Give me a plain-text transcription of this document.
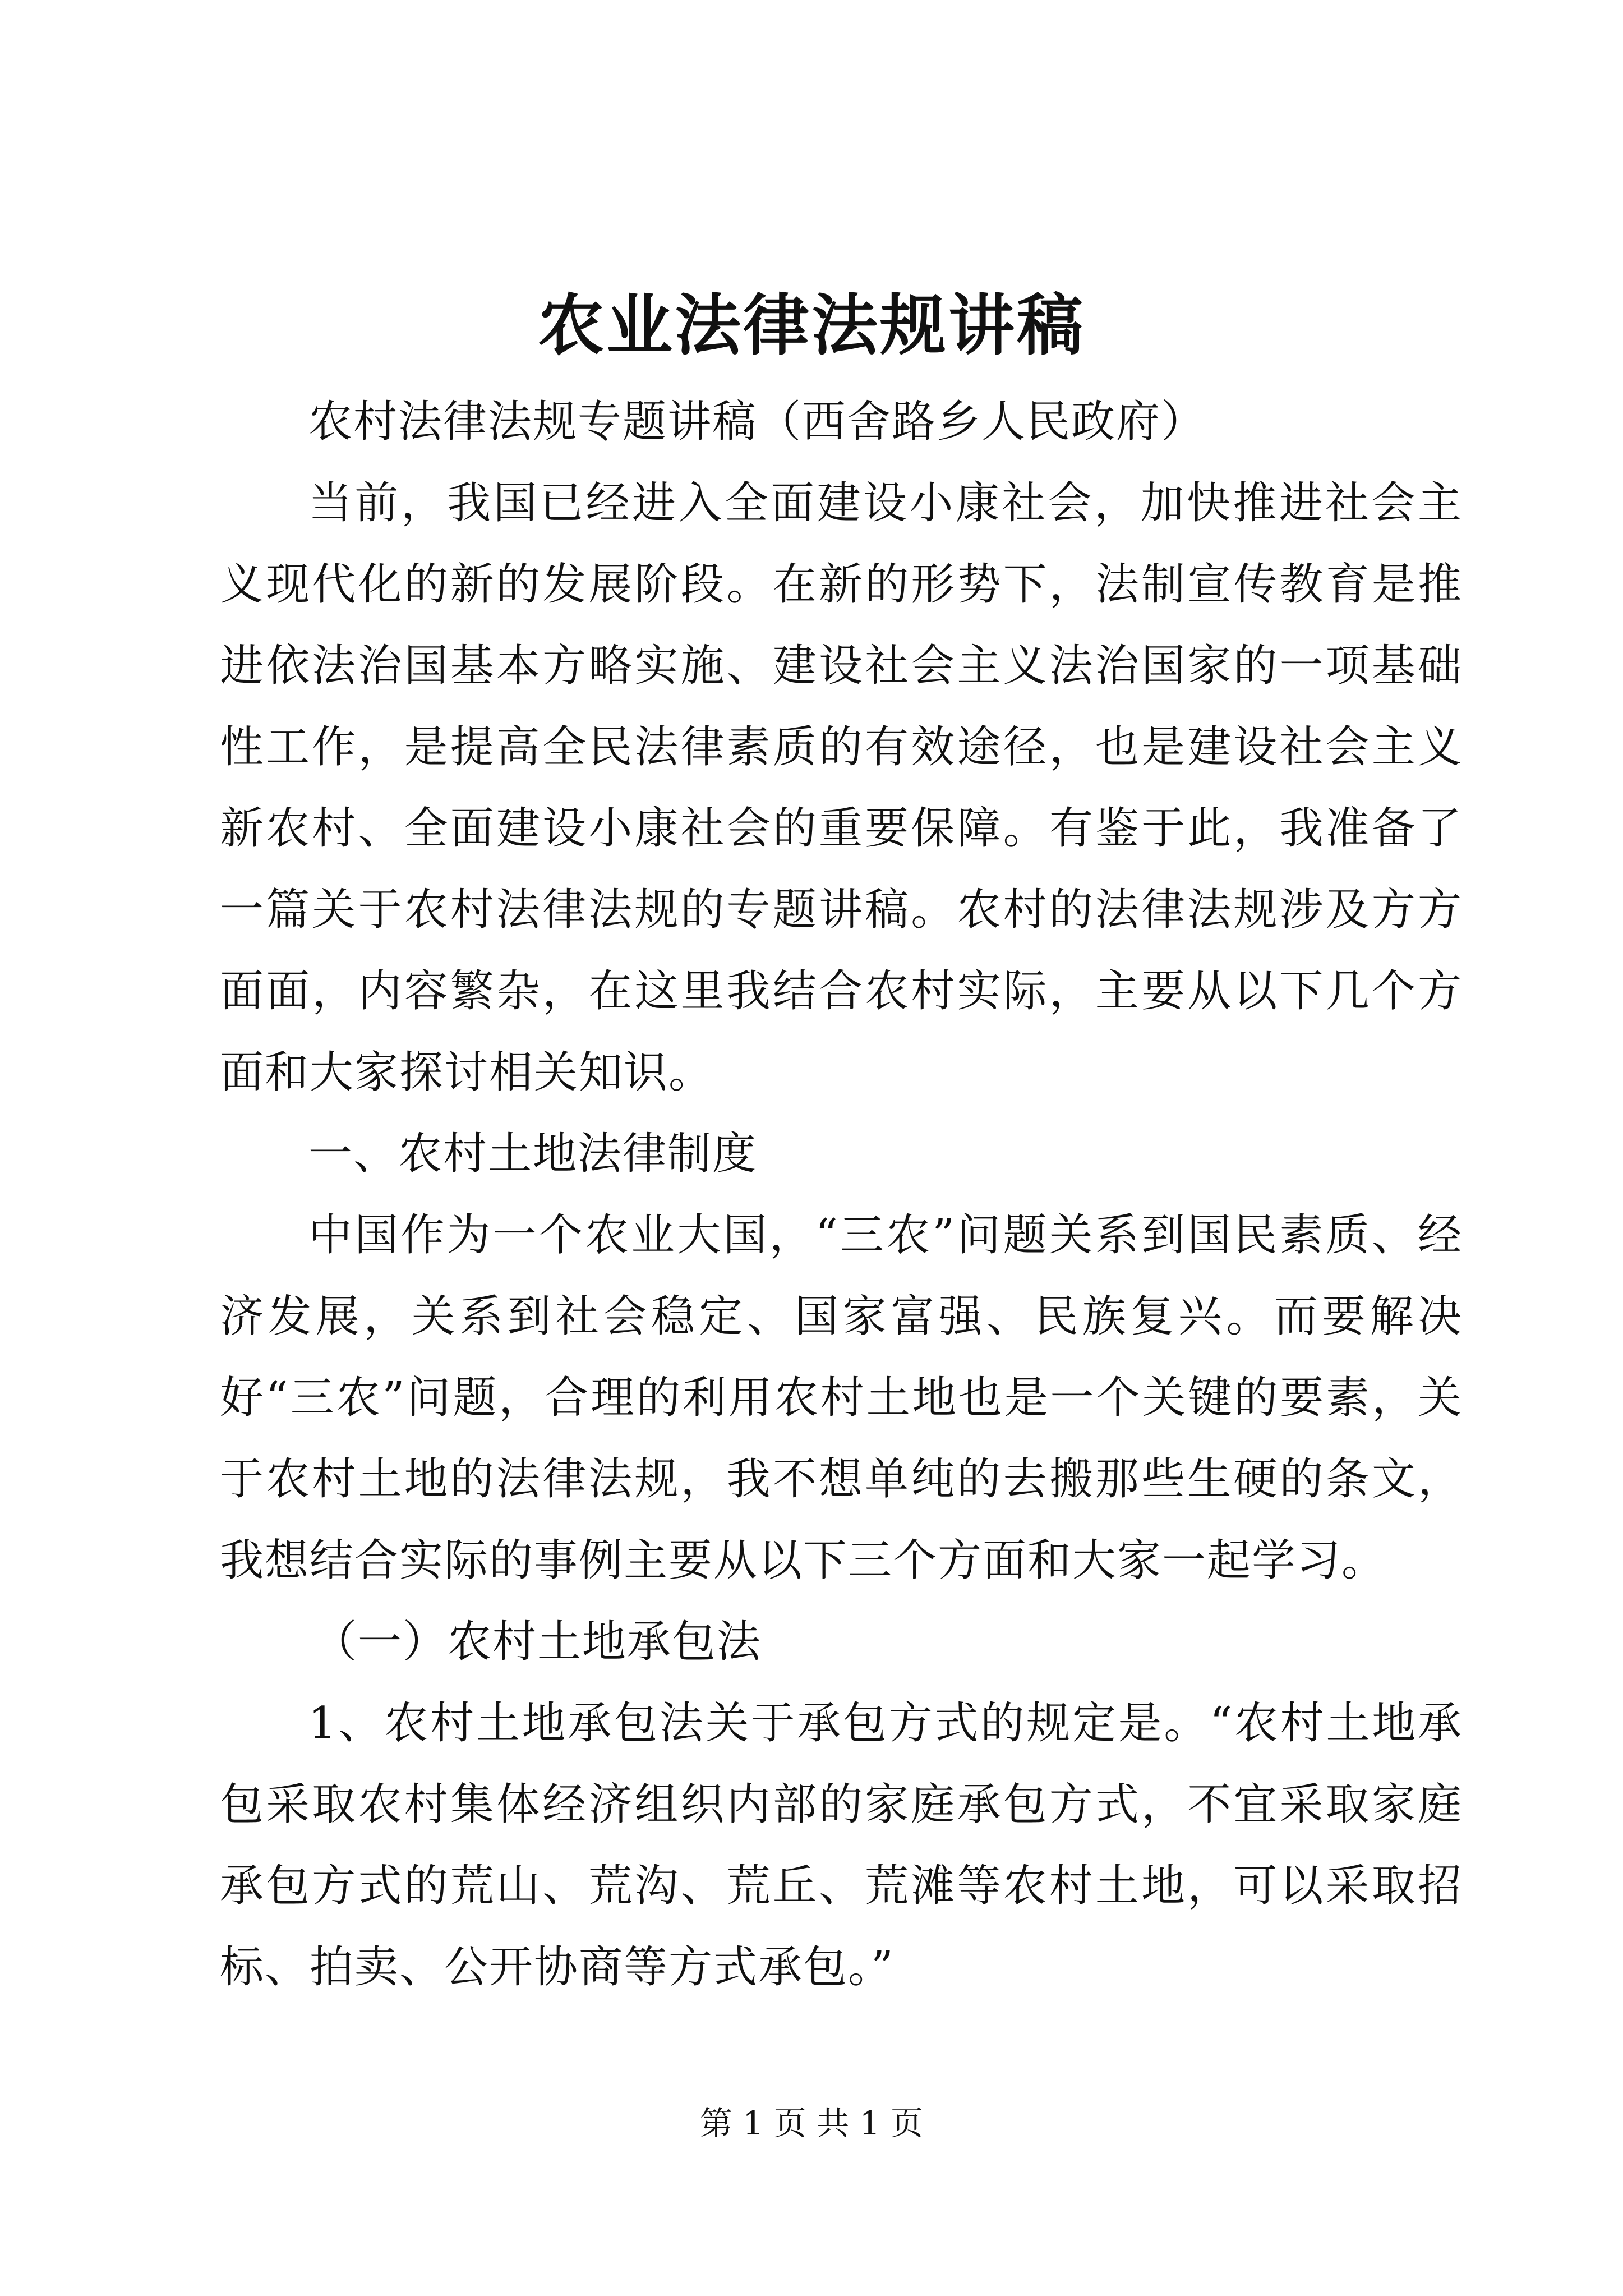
农业法律法规讲稿

农村法律法规专题讲稿（西舍路乡人民政府）

当前，我国已经进入全面建设小康社会，加快推进社会主义现代化的新的发展阶段。在新的形势下，法制宣传教育是推进依法治国基本方略实施、建设社会主义法治国家的一项基础性工作，是提高全民法律素质的有效途径，也是建设社会主义新农村、全面建设小康社会的重要保障。有鉴于此，我准备了一篇关于农村法律法规的专题讲稿。农村的法律法规涉及方方面面，内容繁杂，在这里我结合农村实际，主要从以下几个方面和大家探讨相关知识。

一、农村土地法律制度

中国作为一个农业大国，“三农”问题关系到国民素质、经济发展，关系到社会稳定、国家富强、民族复兴。而要解决好“三农”问题，合理的利用农村土地也是一个关键的要素，关于农村土地的法律法规，我不想单纯的去搬那些生硬的条文，我想结合实际的事例主要从以下三个方面和大家一起学习。

（一）农村土地承包法

1、农村土地承包法关于承包方式的规定是。“农村土地承包采取农村集体经济组织内部的家庭承包方式，不宜采取家庭承包方式的荒山、荒沟、荒丘、荒滩等农村土地，可以采取招标、拍卖、公开协商等方式承包。”

第 1 页 共 1 页
